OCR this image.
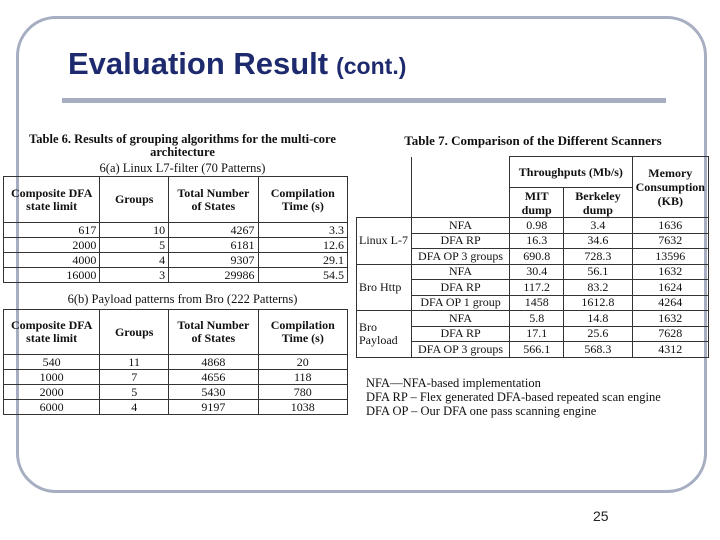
Evaluation Result (cont.)
Table 6. Results of grouping algorithms for the multi-core architecture
6(a) Linux L7-filter (70 Patterns)
Composite DFA state limit	Groups	Total Number of States	Compilation Time (s)
617	10	4267	3.3
2000	5	6181	12.6
4000	4	9307	29.1
16000	3	29986	54.5
6(b) Payload patterns from Bro (222 Patterns)
Composite DFA state limit	Groups	Total Number of States	Compilation Time (s)
540	11	4868	20
1000	7	4656	118
2000	5	5430	780
6000	4	9197	1038
Table 7. Comparison of the Different Scanners
		Throughputs (Mb/s)		Memory Consumption (KB)
		MIT dump	Berkeley dump	
Linux L-7	NFA	0.98	3.4	1636
	DFA RP	16.3	34.6	7632
	DFA OP 3 groups	690.8	728.3	13596
Bro Http	NFA	30.4	56.1	1632
	DFA RP	117.2	83.2	1624
	DFA OP 1 group	1458	1612.8	4264
Bro Payload	NFA	5.8	14.8	1632
	DFA RP	17.1	25.6	7628
	DFA OP 3 groups	566.1	568.3	4312
NFA—NFA-based implementation
DFA RP – Flex generated DFA-based repeated scan engine
DFA OP – Our DFA one pass scanning engine
25
